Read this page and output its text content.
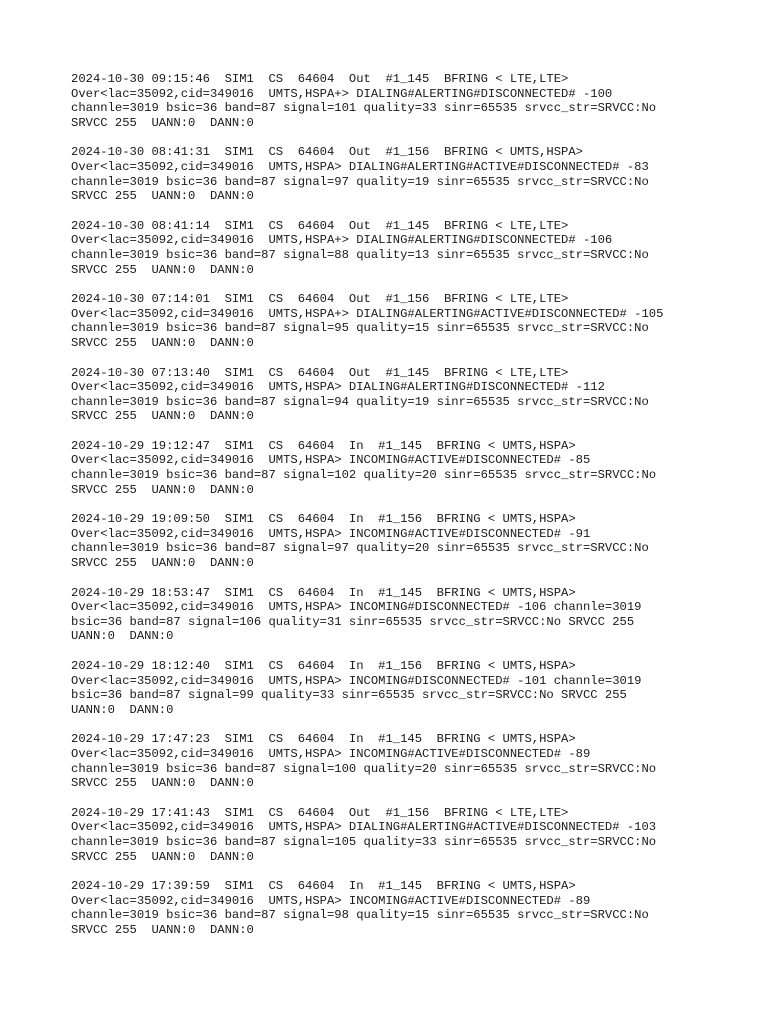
2024-10-30 09:15:46  SIM1  CS  64604  Out  #1_145  BFRING < LTE,LTE>
Over<lac=35092,cid=349016  UMTS,HSPA+> DIALING#ALERTING#DISCONNECTED# -100
channle=3019 bsic=36 band=87 signal=101 quality=33 sinr=65535 srvcc_str=SRVCC:No
SRVCC 255  UANN:0  DANN:0
2024-10-30 08:41:31  SIM1  CS  64604  Out  #1_156  BFRING < UMTS,HSPA>
Over<lac=35092,cid=349016  UMTS,HSPA> DIALING#ALERTING#ACTIVE#DISCONNECTED# -83
channle=3019 bsic=36 band=87 signal=97 quality=19 sinr=65535 srvcc_str=SRVCC:No
SRVCC 255  UANN:0  DANN:0
2024-10-30 08:41:14  SIM1  CS  64604  Out  #1_145  BFRING < LTE,LTE>
Over<lac=35092,cid=349016  UMTS,HSPA+> DIALING#ALERTING#DISCONNECTED# -106
channle=3019 bsic=36 band=87 signal=88 quality=13 sinr=65535 srvcc_str=SRVCC:No
SRVCC 255  UANN:0  DANN:0
2024-10-30 07:14:01  SIM1  CS  64604  Out  #1_156  BFRING < LTE,LTE>
Over<lac=35092,cid=349016  UMTS,HSPA+> DIALING#ALERTING#ACTIVE#DISCONNECTED# -105
channle=3019 bsic=36 band=87 signal=95 quality=15 sinr=65535 srvcc_str=SRVCC:No
SRVCC 255  UANN:0  DANN:0
2024-10-30 07:13:40  SIM1  CS  64604  Out  #1_145  BFRING < LTE,LTE>
Over<lac=35092,cid=349016  UMTS,HSPA> DIALING#ALERTING#DISCONNECTED# -112
channle=3019 bsic=36 band=87 signal=94 quality=19 sinr=65535 srvcc_str=SRVCC:No
SRVCC 255  UANN:0  DANN:0
2024-10-29 19:12:47  SIM1  CS  64604  In  #1_145  BFRING < UMTS,HSPA>
Over<lac=35092,cid=349016  UMTS,HSPA> INCOMING#ACTIVE#DISCONNECTED# -85
channle=3019 bsic=36 band=87 signal=102 quality=20 sinr=65535 srvcc_str=SRVCC:No
SRVCC 255  UANN:0  DANN:0
2024-10-29 19:09:50  SIM1  CS  64604  In  #1_156  BFRING < UMTS,HSPA>
Over<lac=35092,cid=349016  UMTS,HSPA> INCOMING#ACTIVE#DISCONNECTED# -91
channle=3019 bsic=36 band=87 signal=97 quality=20 sinr=65535 srvcc_str=SRVCC:No
SRVCC 255  UANN:0  DANN:0
2024-10-29 18:53:47  SIM1  CS  64604  In  #1_145  BFRING < UMTS,HSPA>
Over<lac=35092,cid=349016  UMTS,HSPA> INCOMING#DISCONNECTED# -106 channle=3019
bsic=36 band=87 signal=106 quality=31 sinr=65535 srvcc_str=SRVCC:No SRVCC 255
UANN:0  DANN:0
2024-10-29 18:12:40  SIM1  CS  64604  In  #1_156  BFRING < UMTS,HSPA>
Over<lac=35092,cid=349016  UMTS,HSPA> INCOMING#DISCONNECTED# -101 channle=3019
bsic=36 band=87 signal=99 quality=33 sinr=65535 srvcc_str=SRVCC:No SRVCC 255
UANN:0  DANN:0
2024-10-29 17:47:23  SIM1  CS  64604  In  #1_145  BFRING < UMTS,HSPA>
Over<lac=35092,cid=349016  UMTS,HSPA> INCOMING#ACTIVE#DISCONNECTED# -89
channle=3019 bsic=36 band=87 signal=100 quality=20 sinr=65535 srvcc_str=SRVCC:No
SRVCC 255  UANN:0  DANN:0
2024-10-29 17:41:43  SIM1  CS  64604  Out  #1_156  BFRING < LTE,LTE>
Over<lac=35092,cid=349016  UMTS,HSPA> DIALING#ALERTING#ACTIVE#DISCONNECTED# -103
channle=3019 bsic=36 band=87 signal=105 quality=33 sinr=65535 srvcc_str=SRVCC:No
SRVCC 255  UANN:0  DANN:0
2024-10-29 17:39:59  SIM1  CS  64604  In  #1_145  BFRING < UMTS,HSPA>
Over<lac=35092,cid=349016  UMTS,HSPA> INCOMING#ACTIVE#DISCONNECTED# -89
channle=3019 bsic=36 band=87 signal=98 quality=15 sinr=65535 srvcc_str=SRVCC:No
SRVCC 255  UANN:0  DANN:0
